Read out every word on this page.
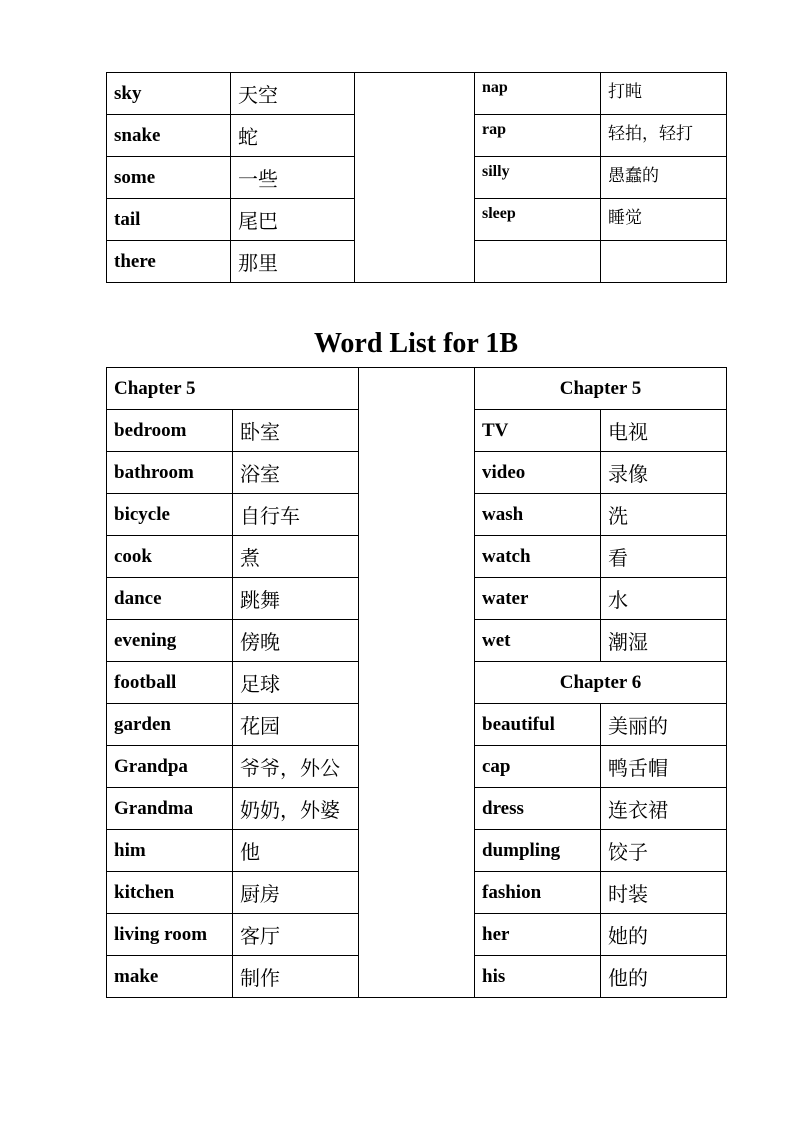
sky	天空		nap	打盹
snake	蛇		rap	轻拍，轻打
some	一些		silly	愚蠢的
tail	尾巴		sleep	睡觉
there	那里			
Word List for 1B
Chapter 5			Chapter 5	
bedroom	卧室		TV	电视
bathroom	浴室		video	录像
bicycle	自行车		wash	洗
cook	煮		watch	看
dance	跳舞		water	水
evening	傍晚		wet	潮湿
football	足球		Chapter 6	
garden	花园		beautiful	美丽的
Grandpa	爷爷，外公		cap	鸭舌帽
Grandma	奶奶，外婆		dress	连衣裙
him	他		dumpling	饺子
kitchen	厨房		fashion	时装
living room	客厅		her	她的
make	制作		his	他的
